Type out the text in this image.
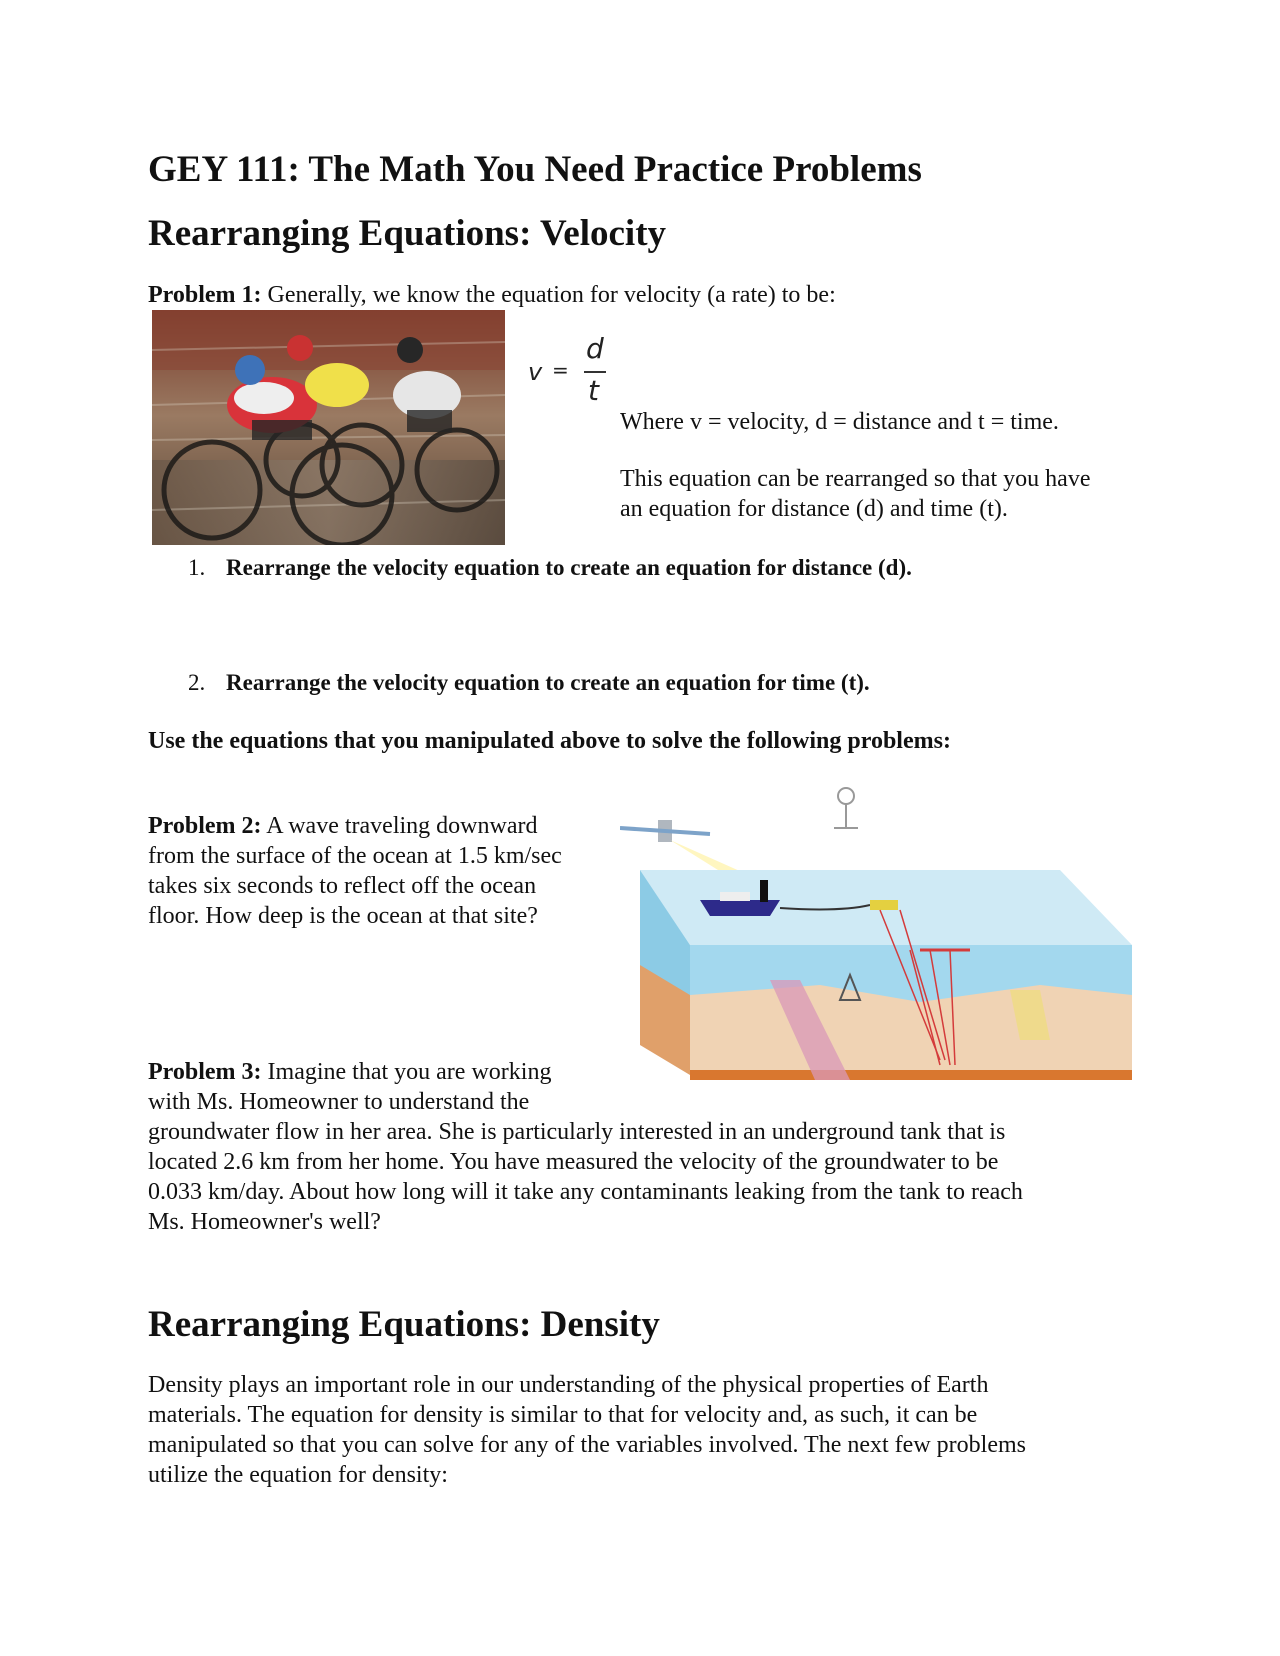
GEY 111: The Math You Need Practice Problems
Rearranging Equations: Velocity
Problem 1: Generally, we know the equation for velocity (a rate) to be:
v =
d
t
Where v = velocity, d = distance and t = time.
This equation can be rearranged so that you have
an equation for distance (d) and time (t).
1. Rearrange the velocity equation to create an equation for distance (d).
2. Rearrange the velocity equation to create an equation for time (t).
Use the equations that you manipulated above to solve the following problems:
Problem 2: A wave traveling downward
from the surface of the ocean at 1.5 km/sec
takes six seconds to reflect off the ocean
floor. How deep is the ocean at that site?
Problem 3: Imagine that you are working
with Ms. Homeowner to understand the
groundwater flow in her area. She is particularly interested in an underground tank that is
located 2.6 km from her home. You have measured the velocity of the groundwater to be
0.033 km/day. About how long will it take any contaminants leaking from the tank to reach
Ms. Homeowner's well?
Rearranging Equations: Density
Density plays an important role in our understanding of the physical properties of Earth
materials. The equation for density is similar to that for velocity and, as such, it can be
manipulated so that you can solve for any of the variables involved. The next few problems
utilize the equation for density:
